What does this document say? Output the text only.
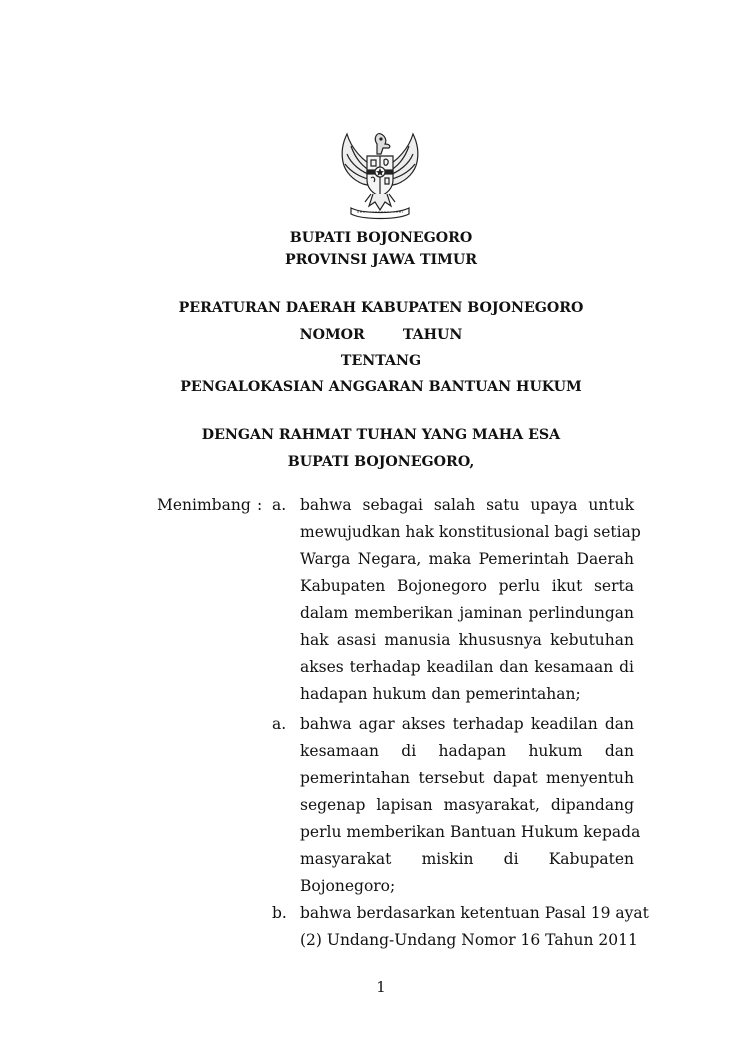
BUPATI BOJONEGORO
PROVINSI JAWA TIMUR
PERATURAN DAERAH KABUPATEN BOJONEGORO
NOMOR	TAHUN
TENTANG
PENGALOKASIAN ANGGARAN BANTUAN HUKUM
DENGAN RAHMAT TUHAN YANG MAHA ESA
BUPATI BOJONEGORO,
Menimbang : a. bahwa sebagai salah satu upaya untuk
mewujudkan hak konstitusional bagi setiap
Warga Negara, maka Pemerintah Daerah
Kabupaten Bojonegoro perlu ikut serta
dalam memberikan jaminan perlindungan
hak asasi manusia khususnya kebutuhan
akses terhadap keadilan dan kesamaan di
hadapan hukum dan pemerintahan;
a. bahwa agar akses terhadap keadilan dan
kesamaan di hadapan hukum dan
pemerintahan tersebut dapat menyentuh
segenap lapisan masyarakat, dipandang
perlu memberikan Bantuan Hukum kepada
masyarakat miskin di Kabupaten
Bojonegoro;
b. bahwa berdasarkan ketentuan Pasal 19 ayat
(2) Undang-Undang Nomor 16 Tahun 2011
1
